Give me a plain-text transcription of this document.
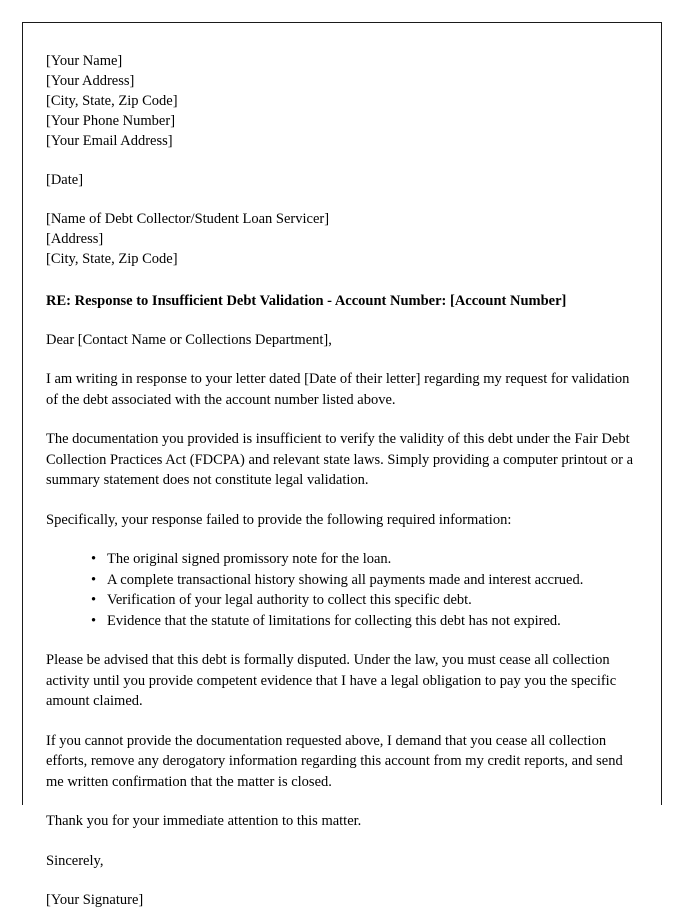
[Your Name]
[Your Address]
[City, State, Zip Code]
[Your Phone Number]
[Your Email Address]
[Date]
[Name of Debt Collector/Student Loan Servicer]
[Address]
[City, State, Zip Code]
RE: Response to Insufficient Debt Validation - Account Number: [Account Number]
Dear [Contact Name or Collections Department],
I am writing in response to your letter dated [Date of their letter] regarding my request for validation of the debt associated with the account number listed above.
The documentation you provided is insufficient to verify the validity of this debt under the Fair Debt Collection Practices Act (FDCPA) and relevant state laws. Simply providing a computer printout or a summary statement does not constitute legal validation.
Specifically, your response failed to provide the following required information:
• The original signed promissory note for the loan.
• A complete transactional history showing all payments made and interest accrued.
• Verification of your legal authority to collect this specific debt.
• Evidence that the statute of limitations for collecting this debt has not expired.
Please be advised that this debt is formally disputed. Under the law, you must cease all collection activity until you provide competent evidence that I have a legal obligation to pay you the specific amount claimed.
If you cannot provide the documentation requested above, I demand that you cease all collection efforts, remove any derogatory information regarding this account from my credit reports, and send me written confirmation that the matter is closed.
Thank you for your immediate attention to this matter.
Sincerely,
[Your Signature]
